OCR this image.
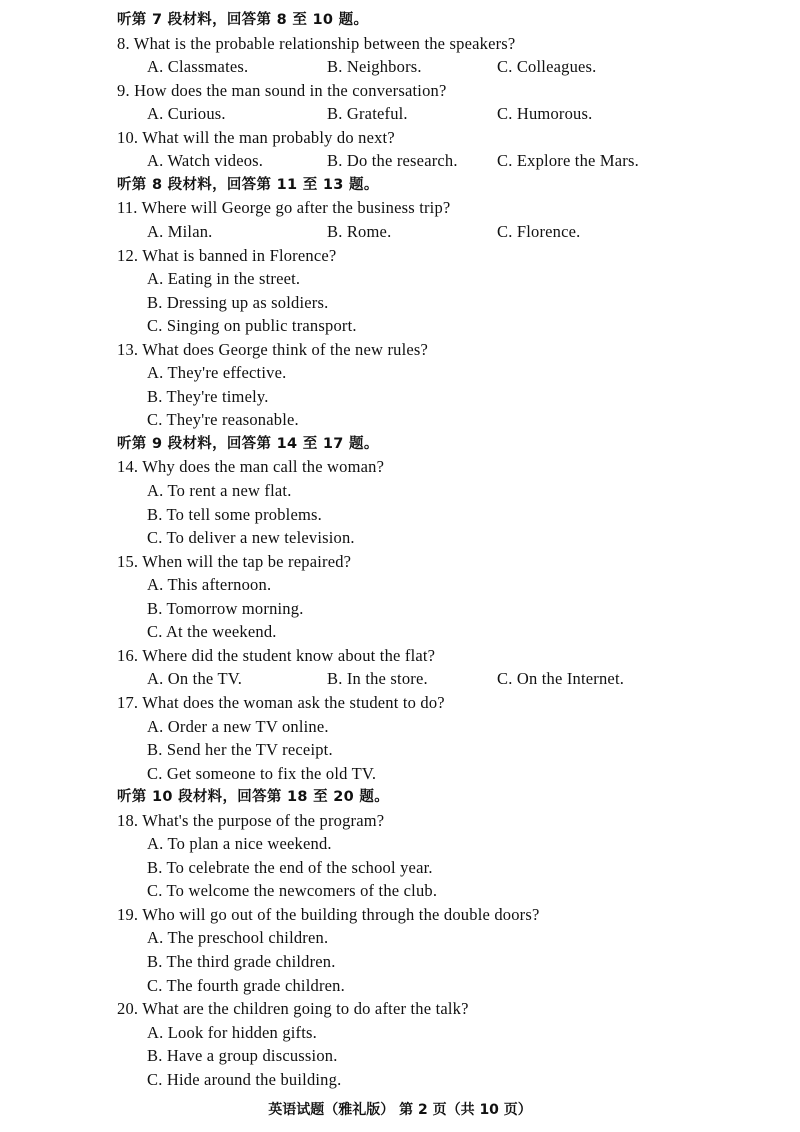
听第 7 段材料，回答第 8 至 10 题。
8. What is the probable relationship between the speakers?
A. Classmates.	B. Neighbors.	C. Colleagues.
9. How does the man sound in the conversation?
A. Curious.	B. Grateful.	C. Humorous.
10. What will the man probably do next?
A. Watch videos.	B. Do the research. C. Explore the Mars.
听第 8 段材料，回答第 11 至 13 题。
11. Where will George go after the business trip?
A. Milan.	B. Rome.	C. Florence.
12. What is banned in Florence?
A. Eating in the street.
B. Dressing up as soldiers.
C. Singing on public transport.
13. What does George think of the new rules?
A. They're effective.
B. They're timely.
C. They're reasonable.
听第 9 段材料，回答第 14 至 17 题。
14. Why does the man call the woman?
A. To rent a new flat.
B. To tell some problems.
C. To deliver a new television.
15. When will the tap be repaired?
A. This afternoon.
B. Tomorrow morning.
C. At the weekend.
16. Where did the student know about the flat?
A. On the TV.	B. In the store.	C. On the Internet.
17. What does the woman ask the student to do?
A. Order a new TV online.
B. Send her the TV receipt.
C. Get someone to fix the old TV.
听第 10 段材料，回答第 18 至 20 题。
18. What's the purpose of the program?
A. To plan a nice weekend.
B. To celebrate the end of the school year.
C. To welcome the newcomers of the club.
19. Who will go out of the building through the double doors?
A. The preschool children.
B. The third grade children.
C. The fourth grade children.
20. What are the children going to do after the talk?
A. Look for hidden gifts.
B. Have a group discussion.
C. Hide around the building.
英语试题（雅礼版） 第 2 页（共 10 页）
